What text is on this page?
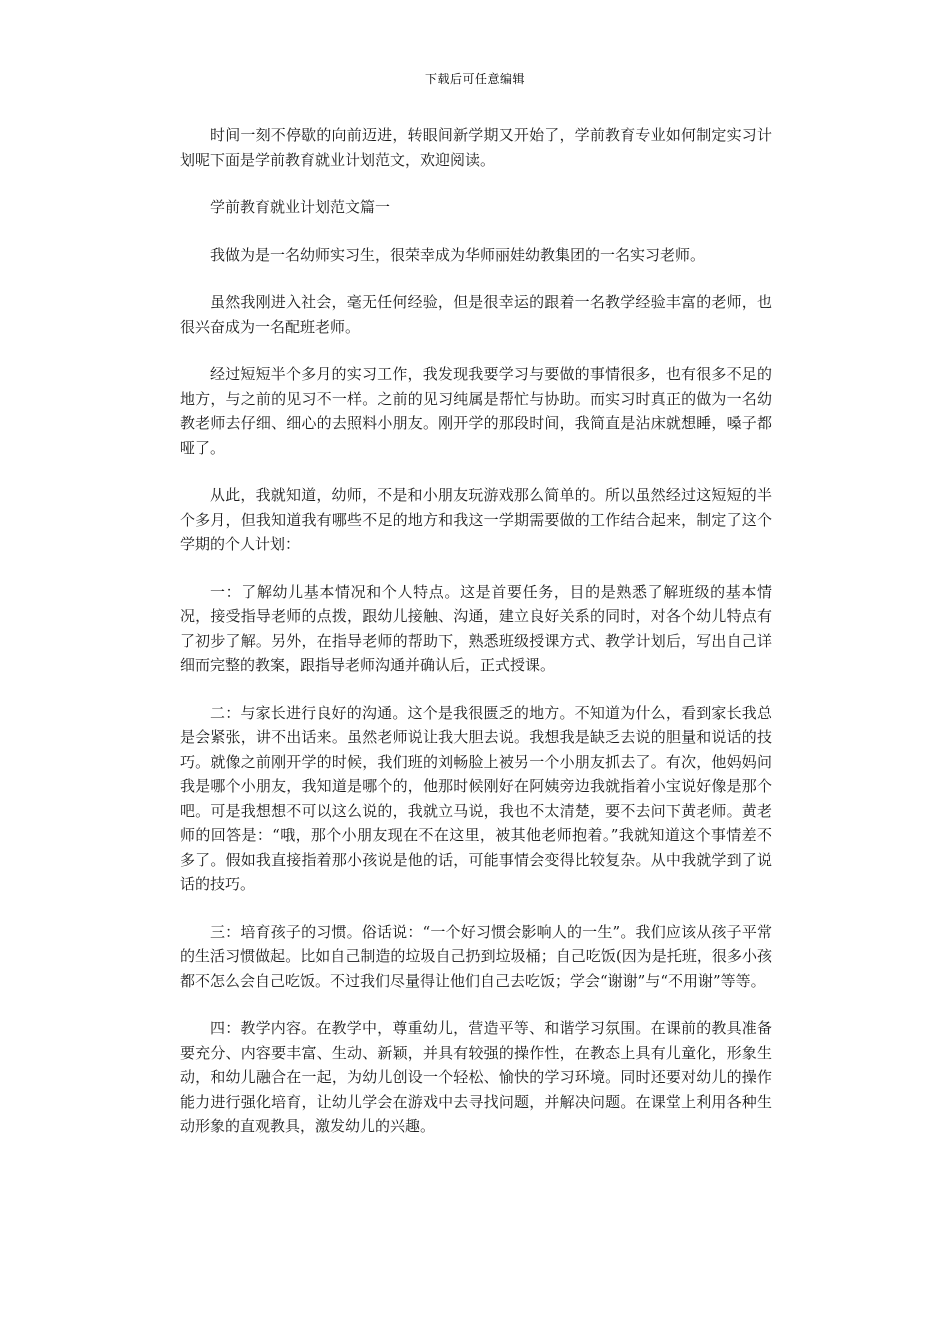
下载后可任意编辑

时间一刻不停歇的向前迈进，转眼间新学期又开始了，学前教育专业如何制定实习计划呢下面是学前教育就业计划范文，欢迎阅读。

学前教育就业计划范文篇一

我做为是一名幼师实习生，很荣幸成为华师丽娃幼教集团的一名实习老师。

虽然我刚进入社会，毫无任何经验，但是很幸运的跟着一名教学经验丰富的老师，也很兴奋成为一名配班老师。

经过短短半个多月的实习工作，我发现我要学习与要做的事情很多，也有很多不足的地方，与之前的见习不一样。之前的见习纯属是帮忙与协助。而实习时真正的做为一名幼教老师去仔细、细心的去照料小朋友。刚开学的那段时间，我简直是沾床就想睡，嗓子都哑了。

从此，我就知道，幼师，不是和小朋友玩游戏那么简单的。所以虽然经过这短短的半个多月，但我知道我有哪些不足的地方和我这一学期需要做的工作结合起来，制定了这个学期的个人计划：

一：了解幼儿基本情况和个人特点。这是首要任务，目的是熟悉了解班级的基本情况，接受指导老师的点拨，跟幼儿接触、沟通，建立良好关系的同时，对各个幼儿特点有了初步了解。另外，在指导老师的帮助下，熟悉班级授课方式、教学计划后，写出自己详细而完整的教案，跟指导老师沟通并确认后，正式授课。

二：与家长进行良好的沟通。这个是我很匮乏的地方。不知道为什么，看到家长我总是会紧张，讲不出话来。虽然老师说让我大胆去说。我想我是缺乏去说的胆量和说话的技巧。就像之前刚开学的时候，我们班的刘畅脸上被另一个小朋友抓去了。有次，他妈妈问我是哪个小朋友，我知道是哪个的，他那时候刚好在阿姨旁边我就指着小宝说好像是那个吧。可是我想想不可以这么说的，我就立马说，我也不太清楚，要不去问下黄老师。黄老师的回答是：“哦，那个小朋友现在不在这里，被其他老师抱着。”我就知道这个事情差不多了。假如我直接指着那小孩说是他的话，可能事情会变得比较复杂。从中我就学到了说话的技巧。

三：培育孩子的习惯。俗话说：“一个好习惯会影响人的一生”。我们应该从孩子平常的生活习惯做起。比如自己制造的垃圾自己扔到垃圾桶；自己吃饭(因为是托班，很多小孩都不怎么会自己吃饭。不过我们尽量得让他们自己去吃饭；学会“谢谢”与“不用谢”等等。

四：教学内容。在教学中，尊重幼儿，营造平等、和谐学习氛围。在课前的教具准备要充分、内容要丰富、生动、新颖，并具有较强的操作性，在教态上具有儿童化，形象生动，和幼儿融合在一起，为幼儿创设一个轻松、愉快的学习环境。同时还要对幼儿的操作能力进行强化培育，让幼儿学会在游戏中去寻找问题，并解决问题。在课堂上利用各种生动形象的直观教具，激发幼儿的兴趣。
